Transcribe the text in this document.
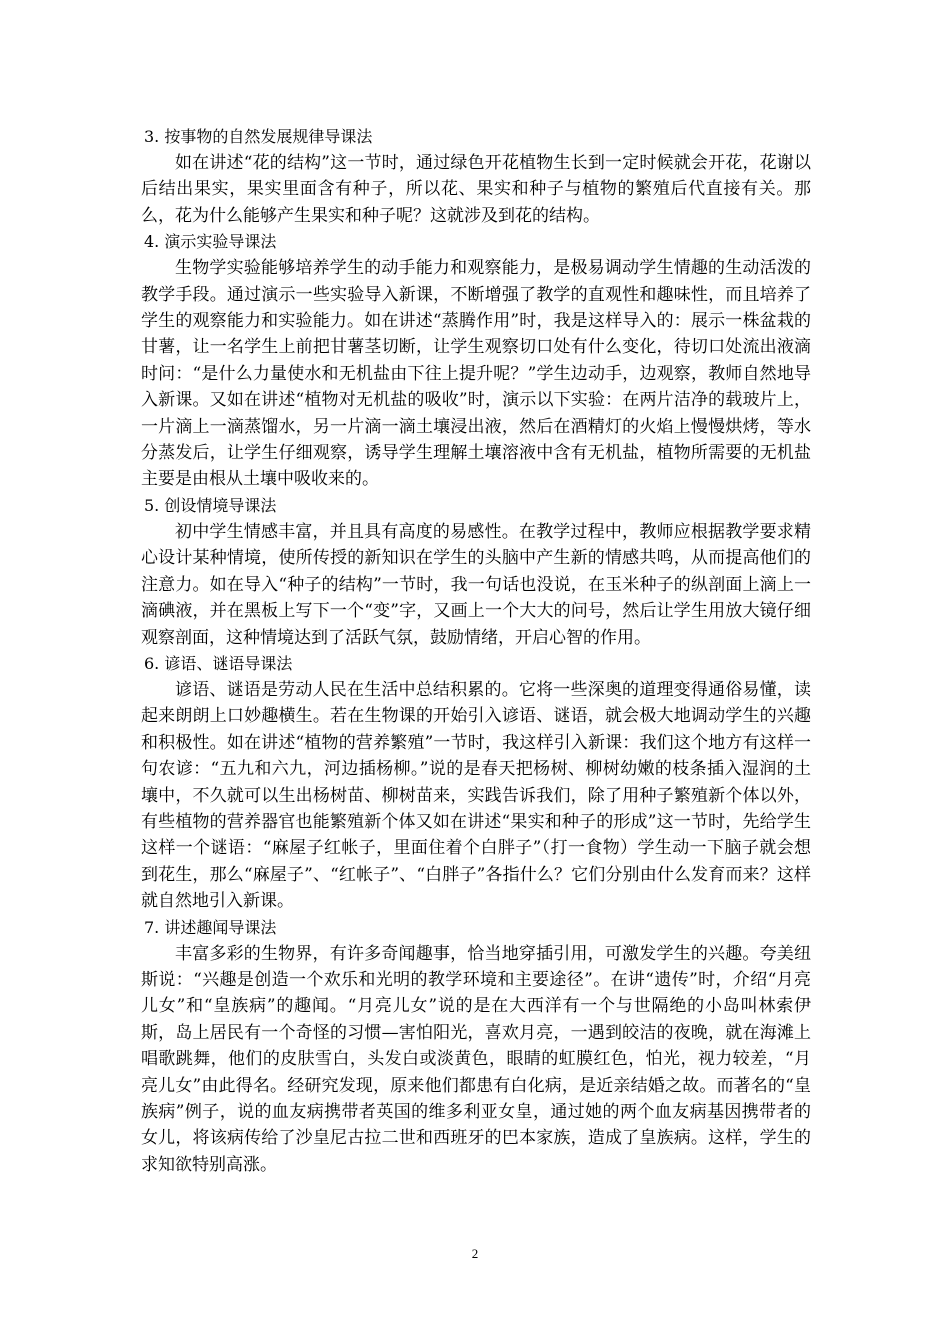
3. 按事物的自然发展规律导课法

如在讲述“花的结构”这一节时，通过绿色开花植物生长到一定时候就会开花，花谢以后结出果实，果实里面含有种子，所以花、果实和种子与植物的繁殖后代直接有关。那么，花为什么能够产生果实和种子呢？这就涉及到花的结构。

4. 演示实验导课法

生物学实验能够培养学生的动手能力和观察能力，是极易调动学生情趣的生动活泼的教学手段。通过演示一些实验导入新课，不断增强了教学的直观性和趣味性，而且培养了学生的观察能力和实验能力。如在讲述“蒸腾作用”时，我是这样导入的：展示一株盆栽的甘薯，让一名学生上前把甘薯茎切断，让学生观察切口处有什么变化，待切口处流出液滴时问：“是什么力量使水和无机盐由下往上提升呢？”学生边动手，边观察，教师自然地导入新课。又如在讲述“植物对无机盐的吸收”时，演示以下实验：在两片洁净的载玻片上，一片滴上一滴蒸馏水，另一片滴一滴土壤浸出液，然后在酒精灯的火焰上慢慢烘烤，等水分蒸发后，让学生仔细观察，诱导学生理解土壤溶液中含有无机盐，植物所需要的无机盐主要是由根从土壤中吸收来的。

5. 创设情境导课法

初中学生情感丰富，并且具有高度的易感性。在教学过程中，教师应根据教学要求精心设计某种情境，使所传授的新知识在学生的头脑中产生新的情感共鸣，从而提高他们的注意力。如在导入“种子的结构”一节时，我一句话也没说，在玉米种子的纵剖面上滴上一滴碘液，并在黑板上写下一个“变”字，又画上一个大大的问号，然后让学生用放大镜仔细观察剖面，这种情境达到了活跃气氛，鼓励情绪，开启心智的作用。

6. 谚语、谜语导课法

谚语、谜语是劳动人民在生活中总结积累的。它将一些深奥的道理变得通俗易懂，读起来朗朗上口妙趣横生。若在生物课的开始引入谚语、谜语，就会极大地调动学生的兴趣和积极性。如在讲述“植物的营养繁殖”一节时，我这样引入新课：我们这个地方有这样一句农谚：“五九和六九，河边插杨柳。”说的是春天把杨树、柳树幼嫩的枝条插入湿润的土壤中，不久就可以生出杨树苗、柳树苗来，实践告诉我们，除了用种子繁殖新个体以外，有些植物的营养器官也能繁殖新个体又如在讲述“果实和种子的形成”这一节时，先给学生这样一个谜语：“麻屋子红帐子，里面住着个白胖子”（打一食物）学生动一下脑子就会想到花生，那么“麻屋子”、“红帐子”、“白胖子”各指什么？它们分别由什么发育而来？这样就自然地引入新课。

7. 讲述趣闻导课法

丰富多彩的生物界，有许多奇闻趣事，恰当地穿插引用，可激发学生的兴趣。夸美纽斯说：“兴趣是创造一个欢乐和光明的教学环境和主要途径”。在讲“遗传”时，介绍“月亮儿女”和“皇族病”的趣闻。“月亮儿女”说的是在大西洋有一个与世隔绝的小岛叫林索伊斯，岛上居民有一个奇怪的习惯—害怕阳光，喜欢月亮，一遇到皎洁的夜晚，就在海滩上唱歌跳舞，他们的皮肤雪白，头发白或淡黄色，眼睛的虹膜红色，怕光，视力较差，“月亮儿女”由此得名。经研究发现，原来他们都患有白化病，是近亲结婚之故。而著名的“皇族病”例子，说的血友病携带者英国的维多利亚女皇，通过她的两个血友病基因携带者的女儿，将该病传给了沙皇尼古拉二世和西班牙的巴本家族，造成了皇族病。这样，学生的求知欲特别高涨。

2
